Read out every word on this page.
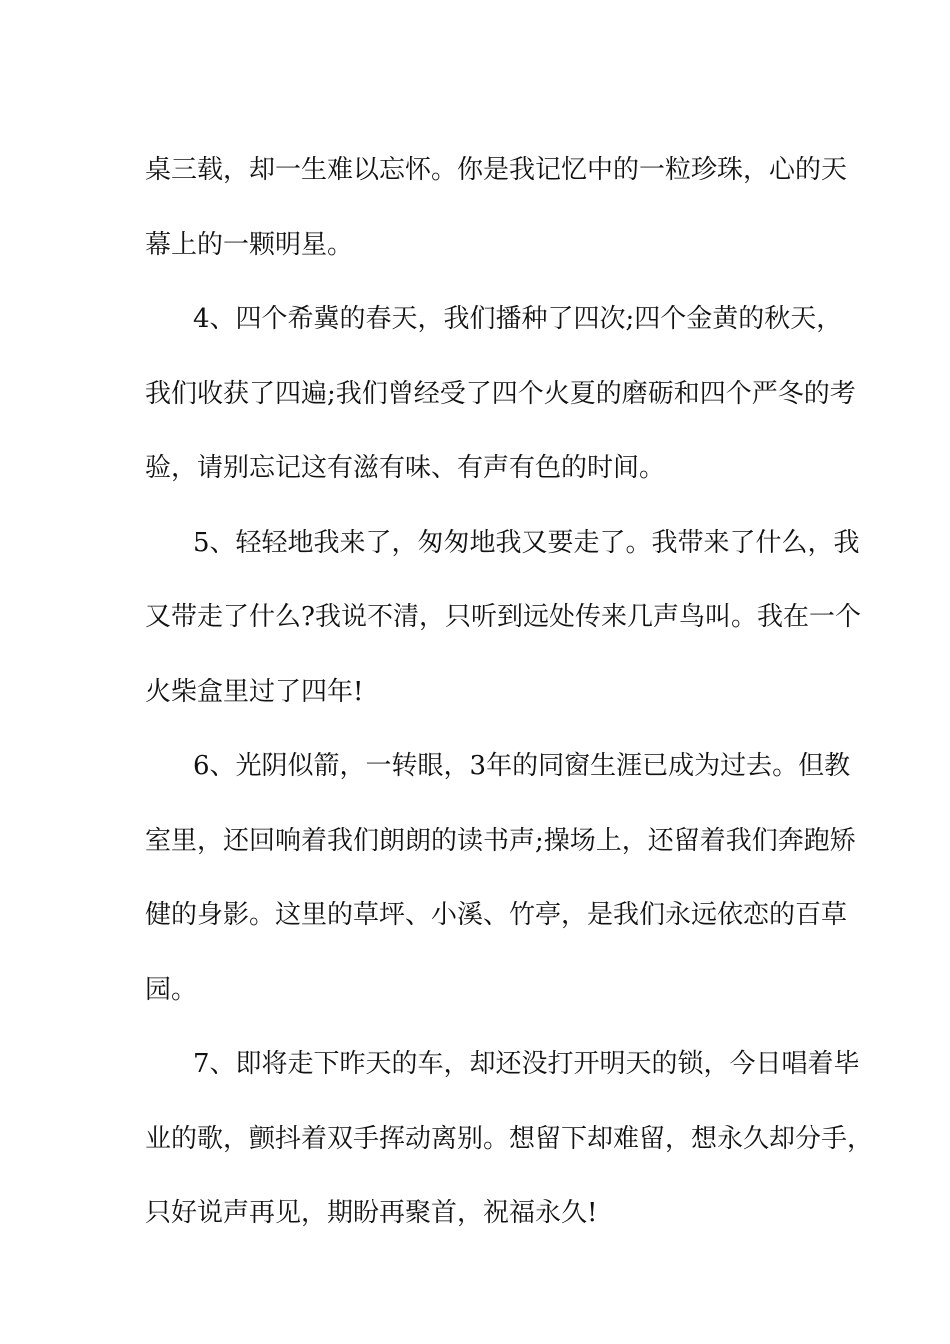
桌三载，却一生难以忘怀。你是我记忆中的一粒珍珠，心的天
幕上的一颗明星。
4、四个希冀的春天，我们播种了四次;四个金黄的秋天，
我们收获了四遍;我们曾经受了四个火夏的磨砺和四个严冬的考
验，请别忘记这有滋有味、有声有色的时间。
5、轻轻地我来了，匆匆地我又要走了。我带来了什么，我
又带走了什么?我说不清，只听到远处传来几声鸟叫。我在一个
火柴盒里过了四年!
6、光阴似箭，一转眼，3年的同窗生涯已成为过去。但教
室里，还回响着我们朗朗的读书声;操场上，还留着我们奔跑矫
健的身影。这里的草坪、小溪、竹亭，是我们永远依恋的百草
园。
7、即将走下昨天的车，却还没打开明天的锁，今日唱着毕
业的歌，颤抖着双手挥动离别。想留下却难留，想永久却分手，
只好说声再见，期盼再聚首，祝福永久!
